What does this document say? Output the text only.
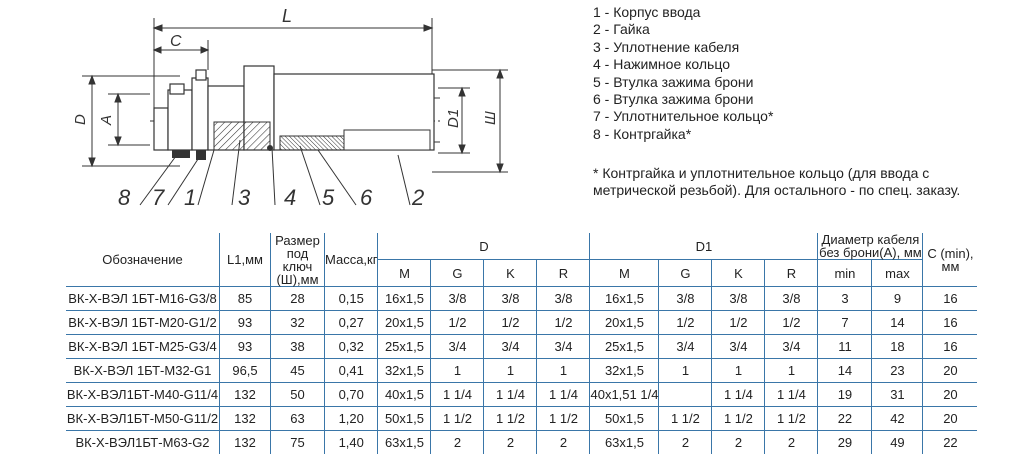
L
C
D A	D1 Ш
8 7 1 3 4 5 6 2
1 - Корпус ввода
2 - Гайка
3 - Уплотнение кабеля
4 - Нажимное кольцо
5 - Втулка зажима брони
6 - Втулка зажима брони
7 - Уплотнительное кольцо*
8 - Контргайка*
* Контргайка и уплотнительное кольцо (для ввода с метрической резьбой). Для остального - по спец. заказу.
Обозначение	L1,мм	Размер под ключ (Ш),мм	Масса,кг	D				D1				Диаметр кабеля без брони(А), мм		С (min), мм
				M	G	K	R	M	G	K	R	min	max	
ВК-Х-ВЭЛ 1БТ-М16-G3/8	85	28	0,15	16x1,5	3/8	3/8	3/8	16x1,5	3/8	3/8	3/8	3	9	16
ВК-Х-ВЭЛ 1БТ-М20-G1/2	93	32	0,27	20x1,5	1/2	1/2	1/2	20x1,5	1/2	1/2	1/2	7	14	16
ВК-Х-ВЭЛ 1БТ-М25-G3/4	93	38	0,32	25x1,5	3/4	3/4	3/4	25x1,5	3/4	3/4	3/4	11	18	16
ВК-Х-ВЭЛ 1БТ-М32-G1	96,5	45	0,41	32x1,5	1	1	1	32x1,5	1	1	1	14	23	20
ВК-Х-ВЭЛ1БТ-М40-G11/4	132	50	0,70	40x1,5	1 1/4	1 1/4	1 1/4	40x1,51 1/4		1 1/4	1 1/4	19	31	20
ВК-Х-ВЭЛ1БТ-М50-G11/2	132	63	1,20	50x1,5	1 1/2	1 1/2	1 1/2	50x1,5	1 1/2	1 1/2	1 1/2	22	42	20
ВК-Х-ВЭЛ1БТ-М63-G2	132	75	1,40	63x1,5	2	2	2	63x1,5	2	2	2	29	49	22
